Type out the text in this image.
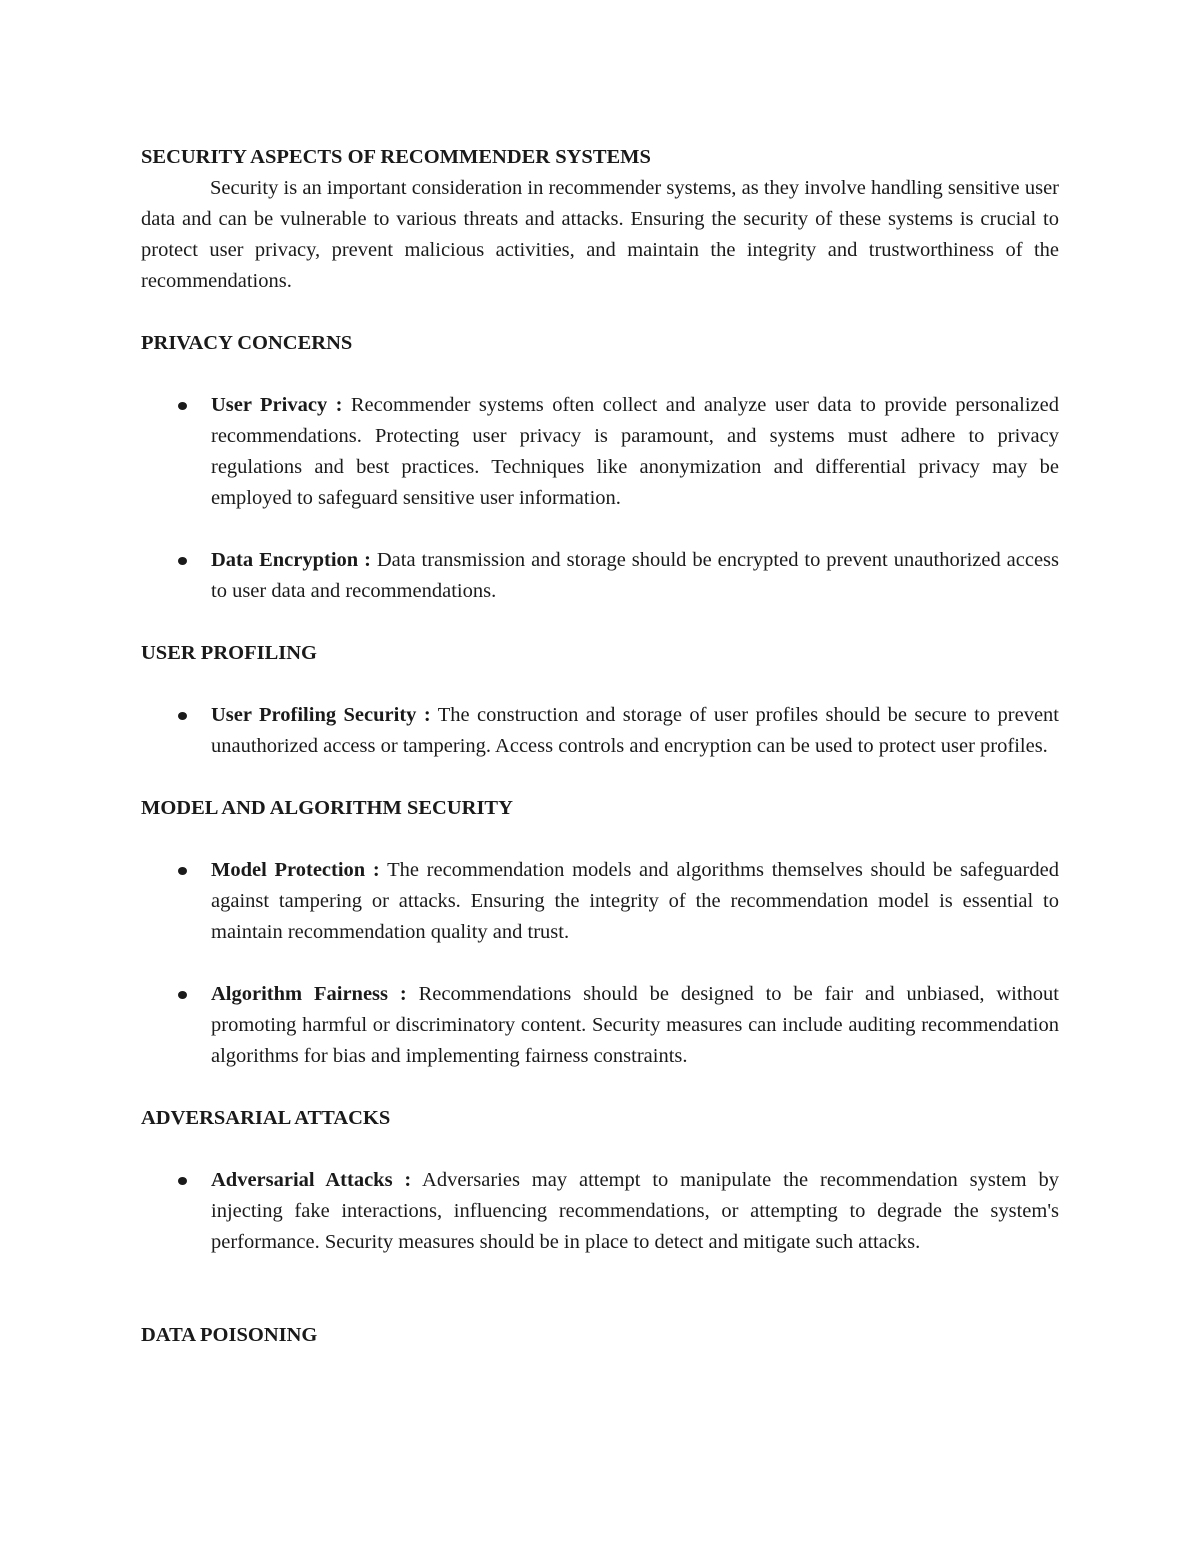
SECURITY ASPECTS OF RECOMMENDER SYSTEMS

Security is an important consideration in recommender systems, as they involve handling sensitive user data and can be vulnerable to various threats and attacks. Ensuring the security of these systems is crucial to protect user privacy, prevent malicious activities, and maintain the integrity and trustworthiness of the recommendations.

PRIVACY CONCERNS

User Privacy : Recommender systems often collect and analyze user data to provide personalized recommendations. Protecting user privacy is paramount, and systems must adhere to privacy regulations and best practices. Techniques like anonymization and differential privacy may be employed to safeguard sensitive user information.
Data Encryption : Data transmission and storage should be encrypted to prevent unauthorized access to user data and recommendations.

USER PROFILING

User Profiling Security : The construction and storage of user profiles should be secure to prevent unauthorized access or tampering. Access controls and encryption can be used to protect user profiles.

MODEL AND ALGORITHM SECURITY

Model Protection : The recommendation models and algorithms themselves should be safeguarded against tampering or attacks. Ensuring the integrity of the recommendation model is essential to maintain recommendation quality and trust.
Algorithm Fairness : Recommendations should be designed to be fair and unbiased, without promoting harmful or discriminatory content. Security measures can include auditing recommendation algorithms for bias and implementing fairness constraints.

ADVERSARIAL ATTACKS

Adversarial Attacks : Adversaries may attempt to manipulate the recommendation system by injecting fake interactions, influencing recommendations, or attempting to degrade the system's performance. Security measures should be in place to detect and mitigate such attacks.

DATA POISONING
